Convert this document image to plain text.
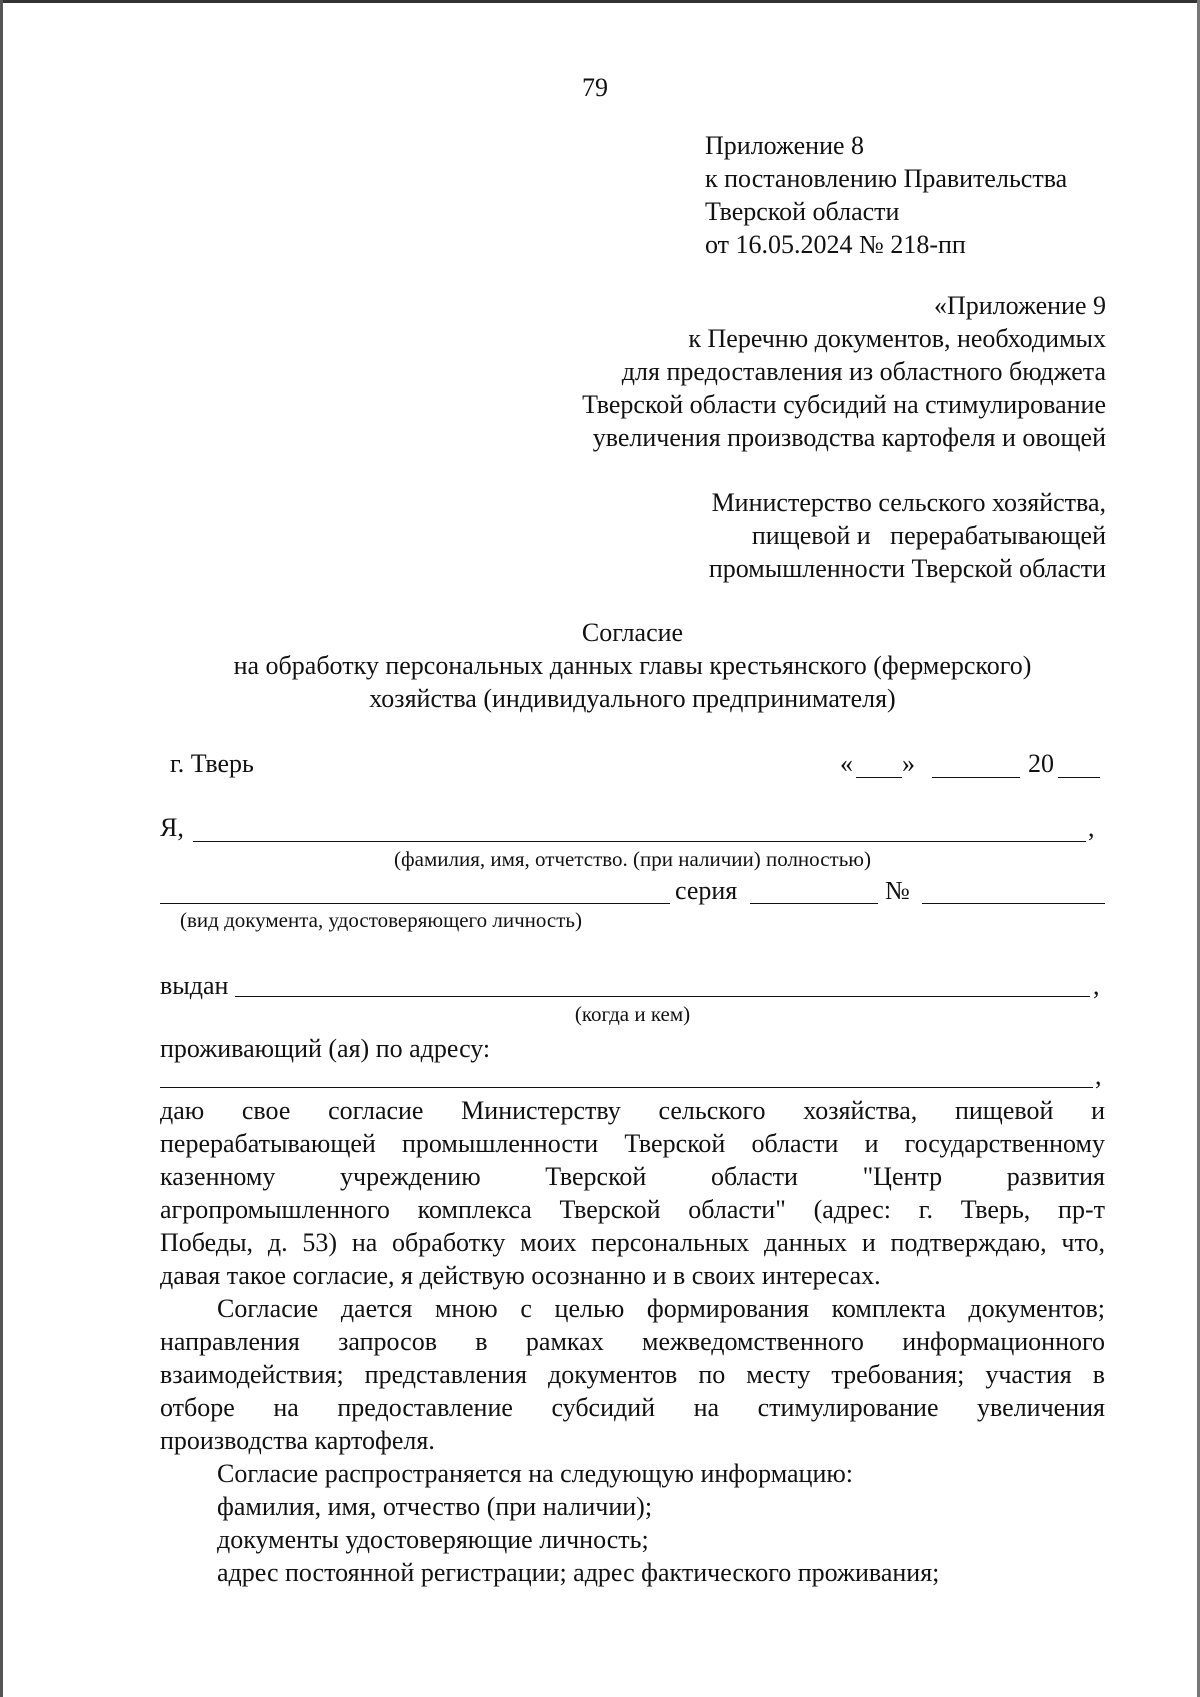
79
Приложение 8
к постановлению Правительства
Тверской области
от 16.05.2024 № 218-пп
«Приложение 9
к Перечню документов, необходимых
для предоставления из областного бюджета
Тверской области субсидий на стимулирование
увеличения производства картофеля и овощей
Министерство сельского хозяйства,
пищевой и   перерабатывающей
промышленности Тверской области
Согласие
на обработку персональных данных главы крестьянского (фермерского)
хозяйства (индивидуального предпринимателя)
г. Тверь	« »	20
Я,	,
(фамилия, имя, отчетство. (при наличии) полностью)
серия	№
(вид документа, удостоверяющего личность)
выдан	,
(когда и кем)
проживающий (ая) по адресу:
,
даю свое согласие Министерству сельского хозяйства, пищевой и
перерабатывающей промышленности Тверской области и государственному
казенному учреждению Тверской области "Центр развития
агропромышленного комплекса Тверской области" (адрес: г. Тверь, пр-т
Победы, д. 53) на обработку моих персональных данных и подтверждаю, что,
давая такое согласие, я действую осознанно и в своих интересах.
Согласие дается мною с целью формирования комплекта документов;
направления запросов в рамках межведомственного информационного
взаимодействия; представления документов по месту требования; участия в
отборе на предоставление субсидий на стимулирование увеличения
производства картофеля.
Согласие распространяется на следующую информацию:
фамилия, имя, отчество (при наличии);
документы удостоверяющие личность;
адрес постоянной регистрации; адрес фактического проживания;
